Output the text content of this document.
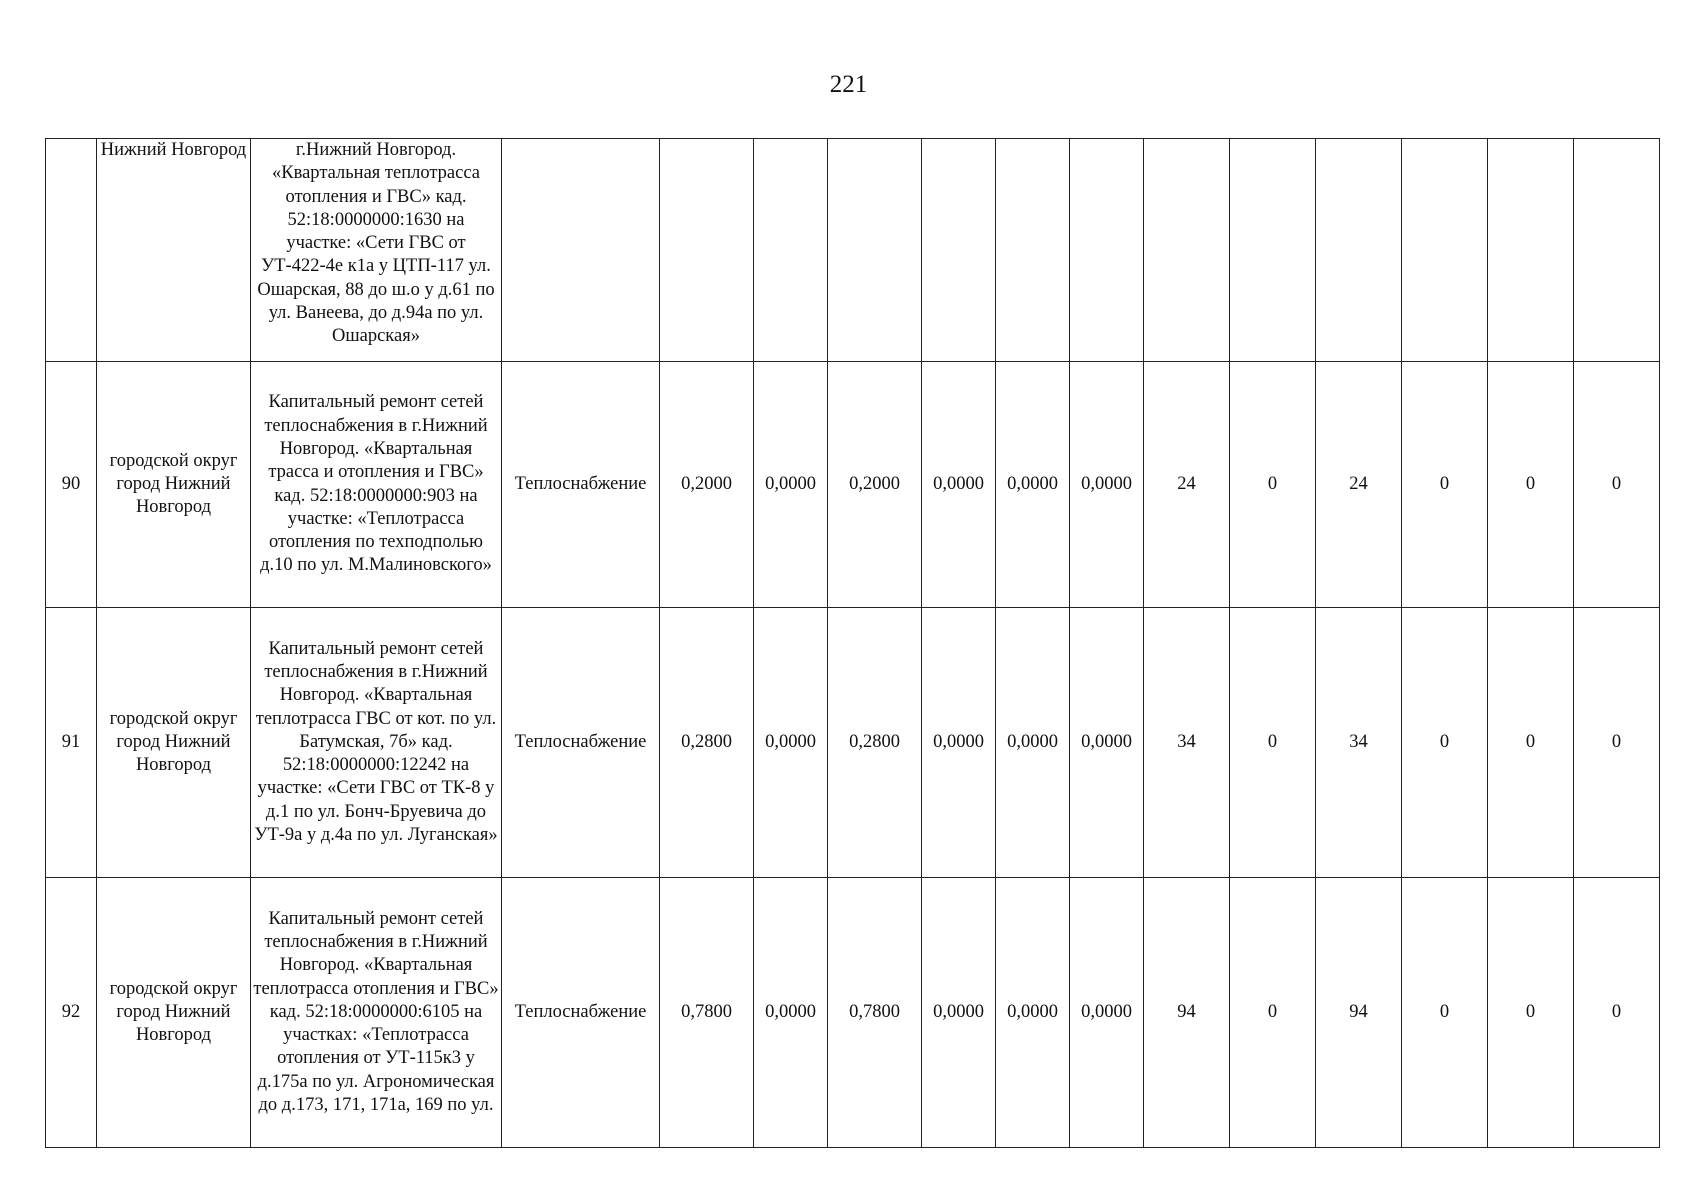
221
	Нижний Новгород	г.Нижний Новгород. «Квартальная теплотрасса отопления и ГВС» кад. 52:18:0000000:1630 на участке: «Сети ГВС от УТ-422-4е к1а у ЦТП-117 ул. Ошарская, 88 до ш.о у д.61 по ул. Ванеева, до д.94а по ул. Ошарская»													
90	городской округ город Нижний Новгород	Капитальный ремонт сетей теплоснабжения в г.Нижний Новгород. «Квартальная трасса и отопления и ГВС» кад. 52:18:0000000:903 на участке: «Теплотрасса отопления по техподполью д.10 по ул. М.Малиновского»	Теплоснабжение	0,2000	0,0000	0,2000	0,0000	0,0000	0,0000	24	0	24	0	0	0
91	городской округ город Нижний Новгород	Капитальный ремонт сетей теплоснабжения в г.Нижний Новгород. «Квартальная теплотрасса ГВС от кот. по ул. Батумская, 7б» кад. 52:18:0000000:12242 на участке: «Сети ГВС от ТК-8 у д.1 по ул. Бонч-Бруевича до УТ-9а у д.4а по ул. Луганская»	Теплоснабжение	0,2800	0,0000	0,2800	0,0000	0,0000	0,0000	34	0	34	0	0	0
92	городской округ город Нижний Новгород	Капитальный ремонт сетей теплоснабжения в г.Нижний Новгород. «Квартальная теплотрасса отопления и ГВС» кад. 52:18:0000000:6105 на участках: «Теплотрасса отопления от УТ-115к3 у д.175а по ул. Агрономическая до д.173, 171, 171а, 169 по ул.	Теплоснабжение	0,7800	0,0000	0,7800	0,0000	0,0000	0,0000	94	0	94	0	0	0
